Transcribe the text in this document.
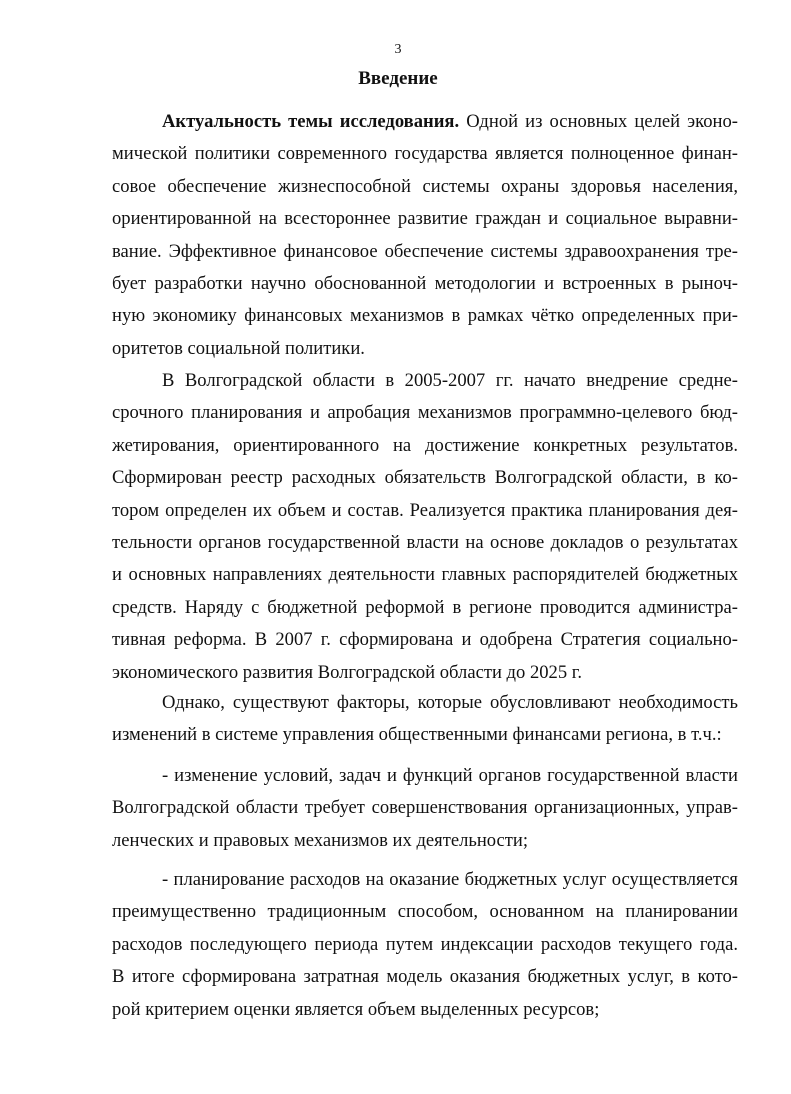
3
Введение
Актуальность темы исследования. Одной из основных целей эконо-
мической политики современного государства является полноценное финан-
совое обеспечение жизнеспособной системы охраны здоровья населения,
ориентированной на всестороннее развитие граждан и социальное выравни-
вание. Эффективное финансовое обеспечение системы здравоохранения тре-
бует разработки научно обоснованной методологии и встроенных в рыноч-
ную экономику финансовых механизмов в рамках чётко определенных при-
оритетов социальной политики.
В Волгоградской области в 2005-2007 гг. начато внедрение средне-
срочного планирования и апробация механизмов программно-целевого бюд-
жетирования, ориентированного на достижение конкретных результатов.
Сформирован реестр расходных обязательств Волгоградской области, в ко-
тором определен их объем и состав. Реализуется практика планирования дея-
тельности органов государственной власти на основе докладов о результатах
и основных направлениях деятельности главных распорядителей бюджетных
средств. Наряду с бюджетной реформой в регионе проводится администра-
тивная реформа. В 2007 г. сформирована и одобрена Стратегия социально-
экономического развития Волгоградской области до 2025 г.
Однако, существуют факторы, которые обусловливают необходимость
изменений в системе управления общественными финансами региона, в т.ч.:
- изменение условий, задач и функций органов государственной власти
Волгоградской области требует совершенствования организационных, управ-
ленческих и правовых механизмов их деятельности;
- планирование расходов на оказание бюджетных услуг осуществляется
преимущественно традиционным способом, основанном на планировании
расходов последующего периода путем индексации расходов текущего года.
В итоге сформирована затратная модель оказания бюджетных услуг, в кото-
рой критерием оценки является объем выделенных ресурсов;
